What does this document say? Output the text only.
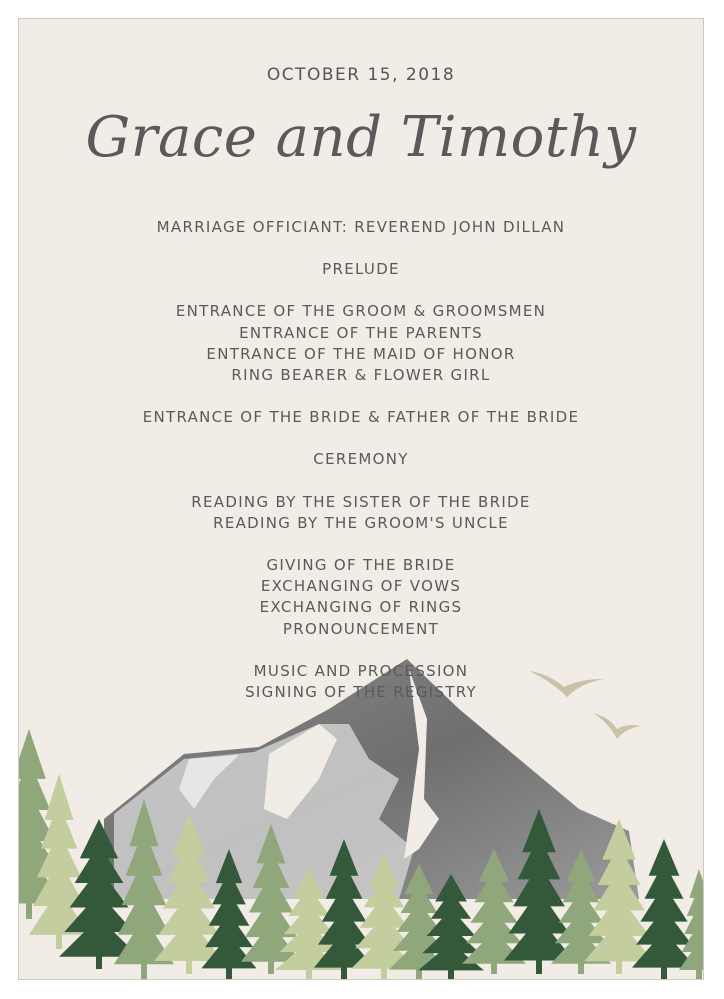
OCTOBER 15, 2018
Grace and Timothy
MARRIAGE OFFICIANT: REVEREND JOHN DILLAN
PRELUDE
ENTRANCE OF THE GROOM & GROOMSMEN
ENTRANCE OF THE PARENTS
ENTRANCE OF THE MAID OF HONOR
RING BEARER & FLOWER GIRL
ENTRANCE OF THE BRIDE & FATHER OF THE BRIDE
CEREMONY
READING BY THE SISTER OF THE BRIDE
READING BY THE GROOM'S UNCLE
GIVING OF THE BRIDE
EXCHANGING OF VOWS
EXCHANGING OF RINGS
PRONOUNCEMENT
MUSIC AND PROCESSION
SIGNING OF THE REGISTRY
